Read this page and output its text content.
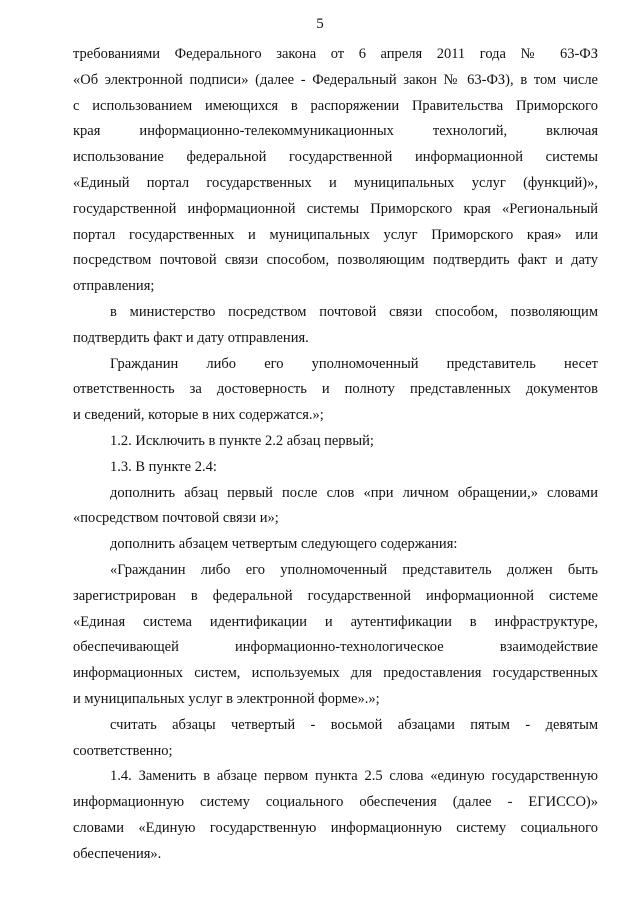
5
требованиями Федерального закона от 6 апреля 2011 года № 63-ФЗ
«Об электронной подписи» (далее - Федеральный закон № 63-ФЗ), в том числе
с использованием имеющихся в распоряжении Правительства Приморского
края информационно-телекоммуникационных технологий, включая
использование федеральной государственной информационной системы
«Единый портал государственных и муниципальных услуг (функций)»,
государственной информационной системы Приморского края «Региональный
портал государственных и муниципальных услуг Приморского края» или
посредством почтовой связи способом, позволяющим подтвердить факт и дату
отправления;
в министерство посредством почтовой связи способом, позволяющим
подтвердить факт и дату отправления.
Гражданин либо его уполномоченный представитель несет
ответственность за достоверность и полноту представленных документов
и сведений, которые в них содержатся.»;
1.2. Исключить в пункте 2.2 абзац первый;
1.3. В пункте 2.4:
дополнить абзац первый после слов «при личном обращении,» словами
«посредством почтовой связи и»;
дополнить абзацем четвертым следующего содержания:
«Гражданин либо его уполномоченный представитель должен быть
зарегистрирован в федеральной государственной информационной системе
«Единая система идентификации и аутентификации в инфраструктуре,
обеспечивающей информационно-технологическое взаимодействие
информационных систем, используемых для предоставления государственных
и муниципальных услуг в электронной форме».»;
считать абзацы четвертый - восьмой абзацами пятым - девятым
соответственно;
1.4. Заменить в абзаце первом пункта 2.5 слова «единую государственную
информационную систему социального обеспечения (далее - ЕГИССО)»
словами «Единую государственную информационную систему социального
обеспечения».
